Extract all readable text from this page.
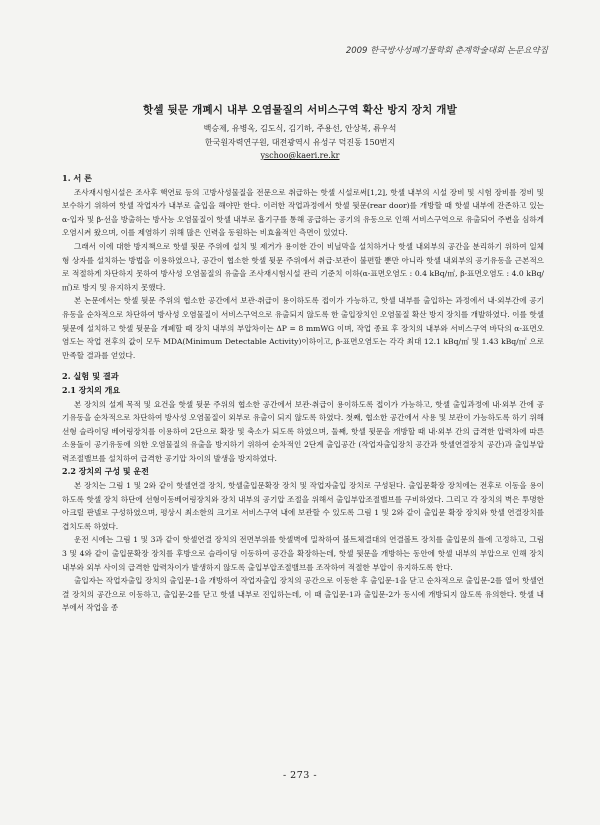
2009 한국방사성폐기물학회 춘계학술대회 논문요약집
핫셀 뒷문 개폐시 내부 오염물질의 서비스구역 확산 방지 장치 개발
백승제, 유병옥, 김도식, 김기하, 주용선, 안상복, 류우석
한국원자력연구원, 대전광역시 유성구 덕진동 150번지
yschoo@kaeri.re.kr

1. 서 론

조사재시험시설은 조사후 핵연료 등의 고방사성물질을 전문으로 취급하는 핫셀 시설로써[1,2], 핫셀 내부의 시설 장비 및 시험 장비를 정비 및 보수하기 위하여 핫셀 작업자가 내부로 출입을 해야만 한다. 이러한 작업과정에서 핫셀 뒷문(rear door)를 개방할 때 핫셀 내부에 잔존하고 있는 α-입자 및 β-선을 방출하는 방사능 오염물질이 핫셀 내부로 흡기구를 통해 공급하는 공기의 유동으로 인해 서비스구역으로 유출되어 주변을 심하게 오염시켜 왔으며, 이를 제염하기 위해 많은 인력을 동원하는 비효율적인 측면이 있었다.

그래서 이에 대한 방지책으로 핫셀 뒷문 주위에 설치 및 제거가 용이한 간이 비닐막을 설치하거나 핫셀 내외부의 공간을 분리하기 위하여 일체형 상자를 설치하는 방법을 이용하였으나, 공간이 협소한 핫셀 뒷문 주위에서 취급·보관이 불편할 뿐만 아니라 핫셀 내외부의 공기유동을 근본적으로 적절하게 차단하지 못하여 방사성 오염물질의 유출을 조사재시험시설 관리 기준치 이하(α-표면오염도 : 0.4 kBq/㎡, β-표면오염도 : 4.0 kBq/㎡)로 방지 및 유지하지 못했다.

본 논문에서는 핫셀 뒷문 주위의 협소한 공간에서 보관·취급이 용이하도록 접이가 가능하고, 핫셀 내부를 출입하는 과정에서 내·외부간에 공기유동을 순차적으로 차단하여 방사성 오염물질이 서비스구역으로 유출되지 않도록 한 출입장치인 오염물질 확산 방지 장치를 개발하였다. 이를 핫셀 뒷문에 설치하고 핫셀 뒷문을 개폐할 때 장치 내부의 부압차이는 ΔP = 8 mmWG 이며, 작업 종료 후 장치의 내부와 서비스구역 바닥의 α-표면오염도는 작업 전후의 값이 모두 MDA(Minimum Detectable Activity)이하이고, β-표면오염도는 각각 최대 12.1 kBq/㎡ 및 1.43 kBq/㎡ 으로 만족할 결과를 얻었다.

2. 실험 및 결과

2.1 장치의 개요

본 장치의 설계 목적 및 요건을 핫셀 뒷문 주위의 협소한 공간에서 보관·취급이 용이하도록 접이가 가능하고, 핫셀 출입과정에 내·외부 간에 공기유동을 순차적으로 차단하여 방사성 오염물질이 외부로 유출이 되지 않도록 하였다. 첫째, 협소한 공간에서 사용 및 보관이 가능하도록 하기 위해 선형 슬라이딩 베어링장치를 이용하여 2단으로 확장 및 축소가 되도록 하였으며, 둘째, 핫셀 뒷문을 개방할 때 내·외부 간의 급격한 압력차에 따른 소용돌이 공기유동에 의한 오염물질의 유출을 방지하기 위하여 순차적인 2단계 출입공간 (작업자출입장치 공간과 핫셀연결장치 공간)과 출입부압력조절밸브를 설치하여 급격한 공기압 차이의 발생을 방지하였다.

2.2 장치의 구성 및 운전

본 장치는 그림 1 및 2와 같이 핫셀연결 장치, 핫셀출입문확장 장치 및 작업자출입 장치로 구성된다. 출입문확장 장치에는 전후로 이동을 용이하도록 핫셀 장치 하단에 선형이동베어링장치와 장치 내부의 공기압 조절을 위해서 출입부압조절밸브를 구비하였다. 그리고 각 장치의 벽은 투명한 아크릴 판넬로 구성하였으며, 평상시 최소한의 크기로 서비스구역 내에 보관할 수 있도록 그림 1 및 2와 같이 출입문 확장 장치와 핫셀 연결장치를 겹치도록 하였다.

운전 시에는 그림 1 및 3과 같이 핫셀연결 장치의 전면부위를 핫셀벽에 밀착하여 볼트체결대의 연결볼트 장치를 출입문의 틀에 고정하고, 그림 3 및 4와 같이 출입문확장 장치를 후방으로 슬라이딩 이동하여 공간을 확장하는데, 핫셀 뒷문을 개방하는 동안에 핫셀 내부의 부압으로 인해 장치 내부와 외부 사이의 급격한 압력차이가 발생하지 않도록 출입부압조절밸브를 조작하여 적절한 부압이 유지하도록 한다.

출입자는 작업자출입 장치의 출입문-1을 개방하여 작업자출입 장치의 공간으로 이동한 후 출입문-1을 닫고 순차적으로 출입문-2를 열어 핫셀연결 장치의 공간으로 이동하고, 출입문-2를 닫고 핫셀 내부로 진입하는데, 이 때 출입문-1과 출입문-2가 동시에 개방되지 않도록 유의한다. 핫셀 내부에서 작업을 종

- 273 -
